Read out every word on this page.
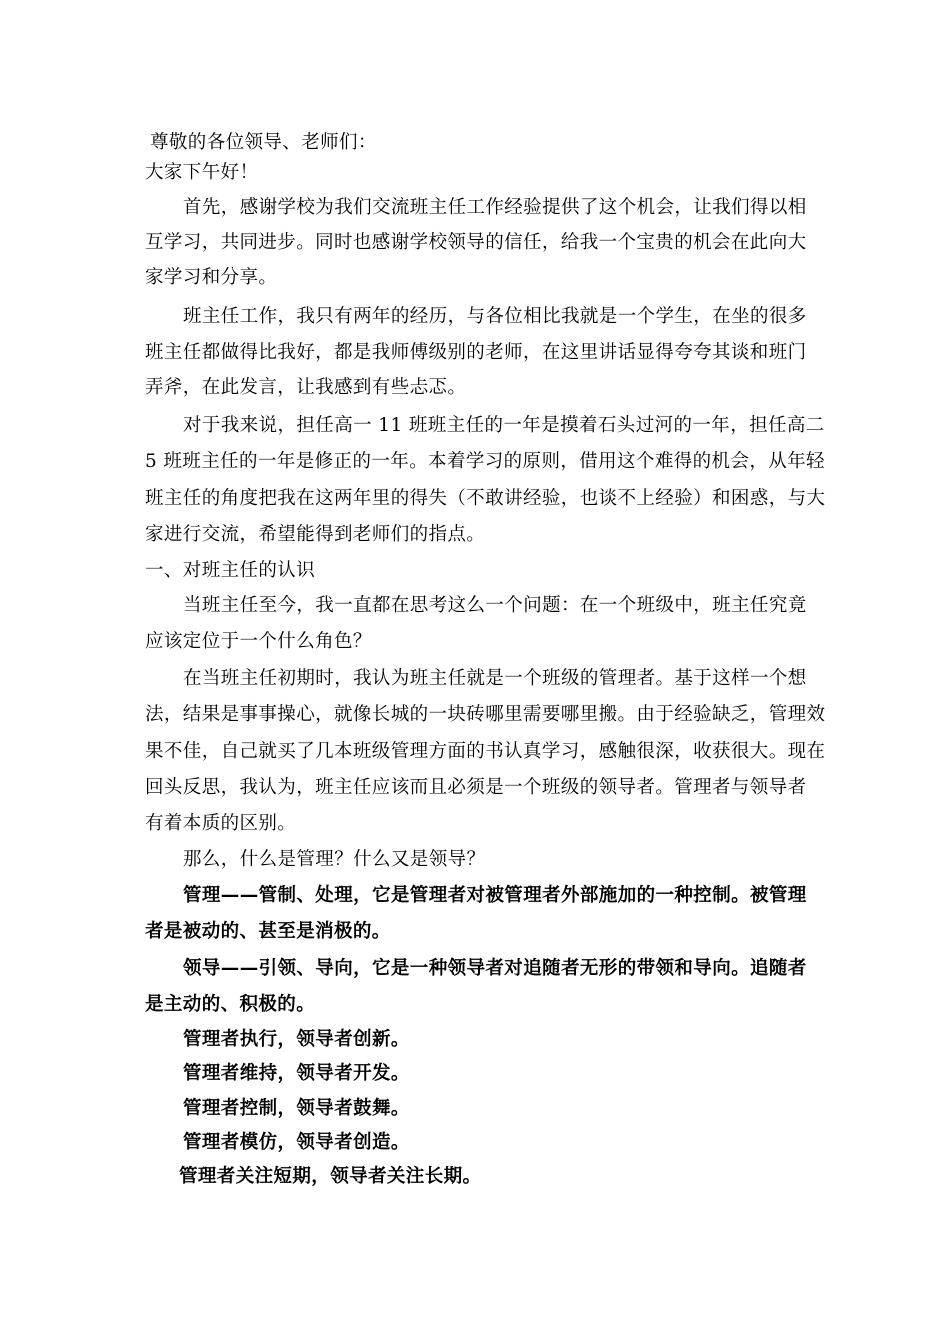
尊敬的各位领导、老师们：
大家下午好！
首先，感谢学校为我们交流班主任工作经验提供了这个机会，让我们得以相
互学习，共同进步。同时也感谢学校领导的信任，给我一个宝贵的机会在此向大
家学习和分享。
班主任工作，我只有两年的经历，与各位相比我就是一个学生，在坐的很多
班主任都做得比我好，都是我师傅级别的老师，在这里讲话显得夸夸其谈和班门
弄斧，在此发言，让我感到有些忐忑。
对于我来说，担任高一 11 班班主任的一年是摸着石头过河的一年，担任高二
5 班班主任的一年是修正的一年。本着学习的原则，借用这个难得的机会，从年轻
班主任的角度把我在这两年里的得失（不敢讲经验，也谈不上经验）和困惑，与大
家进行交流，希望能得到老师们的指点。
一、对班主任的认识
当班主任至今，我一直都在思考这么一个问题：在一个班级中，班主任究竟
应该定位于一个什么角色？
在当班主任初期时，我认为班主任就是一个班级的管理者。基于这样一个想
法，结果是事事操心，就像长城的一块砖哪里需要哪里搬。由于经验缺乏，管理效
果不佳，自己就买了几本班级管理方面的书认真学习，感触很深，收获很大。现在
回头反思，我认为，班主任应该而且必须是一个班级的领导者。管理者与领导者
有着本质的区别。
那么，什么是管理？什么又是领导？
管理——管制、处理，它是管理者对被管理者外部施加的一种控制。被管理
者是被动的、甚至是消极的。
领导——引领、导向，它是一种领导者对追随者无形的带领和导向。追随者
是主动的、积极的。
管理者执行，领导者创新。
管理者维持，领导者开发。
管理者控制，领导者鼓舞。
管理者模仿，领导者创造。
管理者关注短期，领导者关注长期。
